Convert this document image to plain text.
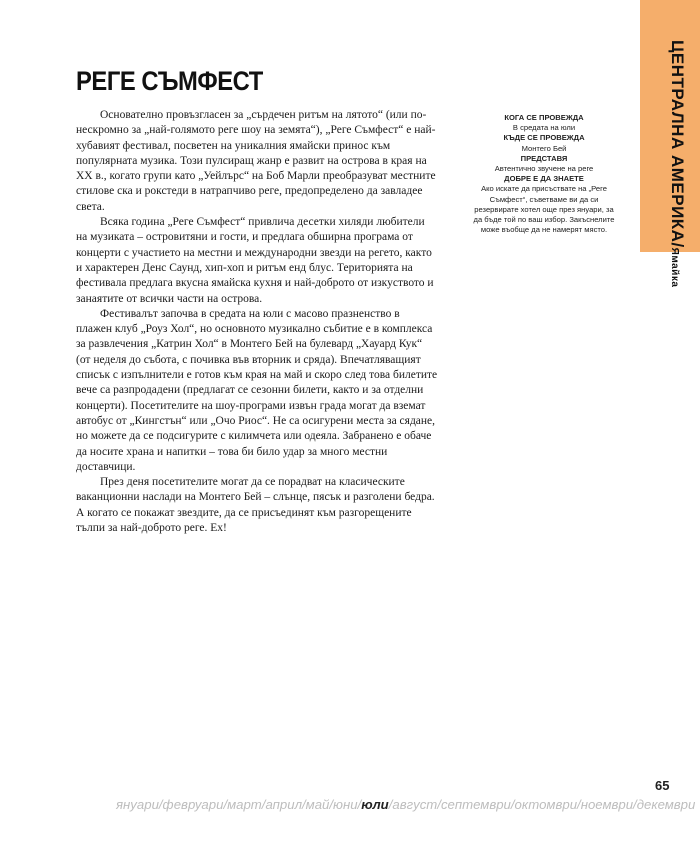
ЦЕНТРАЛНА АМЕРИКА/Ямайка
РЕГЕ СЪМФЕСТ

Основателно провъзгласен за „сърдечен ритъм на лятото“ (или по-нескромно за „най-голямото реге шоу на земята“), „Реге Съмфест“ е най-хубавият фестивал, посветен на уникалния ямайски принос към популярната музика. Този пулсиращ жанр е развит на острова в края на XX в., когато групи като „Уейлърс“ на Боб Марли преобразуват местните стилове ска и рокстеди в натрапчиво реге, предопределено да завладее света.

Всяка година „Реге Съмфест“ привлича десетки хиляди любители на музиката – островитяни и гости, и предлага обширна програма от концерти с участието на местни и международни звезди на регето, както и характерен Денс Саунд, хип-хоп и ритъм енд блус. Територията на фестивала предлага вкусна ямайска кухня и най-доброто от изкуството и занаятите от всички части на острова.

Фестивалът започва в средата на юли с масово празненство в плажен клуб „Роуз Хол“, но основното музикално събитие е в комплекса за развлечения „Катрин Хол“ в Монтего Бей на булевард „Хауард Кук“ (от неделя до събота, с почивка във вторник и сряда). Впечатляващият списък с изпълнители е готов към края на май и скоро след това билетите вече са разпродадени (предлагат се сезонни билети, както и за отделни концерти). Посетителите на шоу-програми извън града могат да вземат автобус от „Кингстън“ или „Очо Риос“. Не са осигурени места за сядане, но можете да се подсигурите с килимчета или одеяла. Забранено е обаче да носите храна и напитки – това би било удар за много местни доставчици.

През деня посетителите могат да се порадват на класическите ваканционни наслади на Монтего Бей – слънце, пясък и разголени бедра. А когато се покажат звездите, да се присъединят към разгорещените тълпи за най-доброто реге. Ех!

КОГА СЕ ПРОВЕЖДА
В средата на юли
КЪДЕ СЕ ПРОВЕЖДА
Монтего Бей
ПРЕДСТАВЯ
Автентично звучене на реге
ДОБРЕ Е ДА ЗНАЕТЕ
Ако искате да присъствате на „Реге Съмфест“, съветваме ви да си резервирате хотел още през януари, за да бъде той по ваш избор. Закъснелите може въобще да не намерят място.
65
януари/февруари/март/април/май/юни/юли/август/септември/октомври/ноември/декември
